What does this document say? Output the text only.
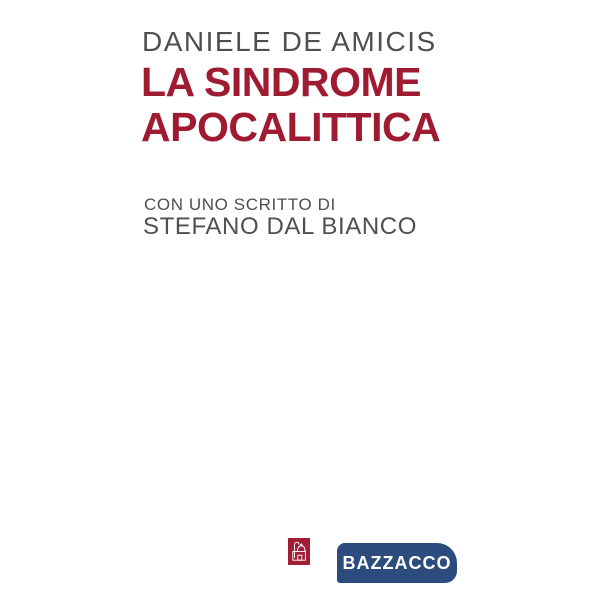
DANIELE DE AMICIS
LA SINDROME
APOCALITTICA
CON UNO SCRITTO DI
STEFANO DAL BIANCO
BAZZACCO
